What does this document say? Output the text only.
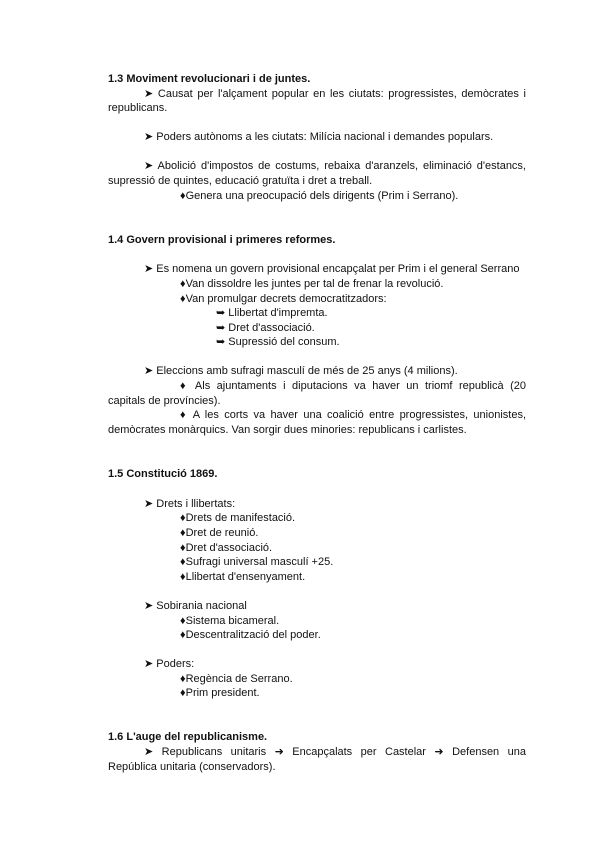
1.3 Moviment revolucionari i de juntes.
➤ Causat per l'alçament popular en les ciutats: progressistes, demòcrates i
republicans.
➤ Poders autònoms a les ciutats: Milícia nacional i demandes populars.
➤ Abolició d'impostos de costums, rebaixa d'aranzels, eliminació d'estancs,
supressió de quintes, educació gratuïta i dret a treball.
♦Genera una preocupació dels dirigents (Prim i Serrano).
1.4 Govern provisional i primeres reformes.
➤ Es nomena un govern provisional encapçalat per Prim i el general Serrano
♦Van dissoldre les juntes per tal de frenar la revolució.
♦Van promulgar decrets democratitzadors:
➥ Llibertat d'impremta.
➥ Dret d'associació.
➥ Supressió del consum.
➤ Eleccions amb sufragi masculí de més de 25 anys (4 milions).
♦ Als ajuntaments i diputacions va haver un triomf republicà (20
capitals de províncies).
♦ A les corts va haver una coalició entre progressistes, unionistes,
demòcrates monàrquics. Van sorgir dues minories: republicans i carlistes.
1.5 Constitució 1869.
➤ Drets i llibertats:
♦Drets de manifestació.
♦Dret de reunió.
♦Dret d'associació.
♦Sufragi universal masculí +25.
♦Llibertat d'ensenyament.
➤ Sobirania nacional
♦Sistema bicameral.
♦Descentralització del poder.
➤ Poders:
♦Regència de Serrano.
♦Prim president.
1.6 L'auge del republicanisme.
➤ Republicans unitaris ➜ Encapçalats per Castelar ➜ Defensen una
República unitaria (conservadors).
